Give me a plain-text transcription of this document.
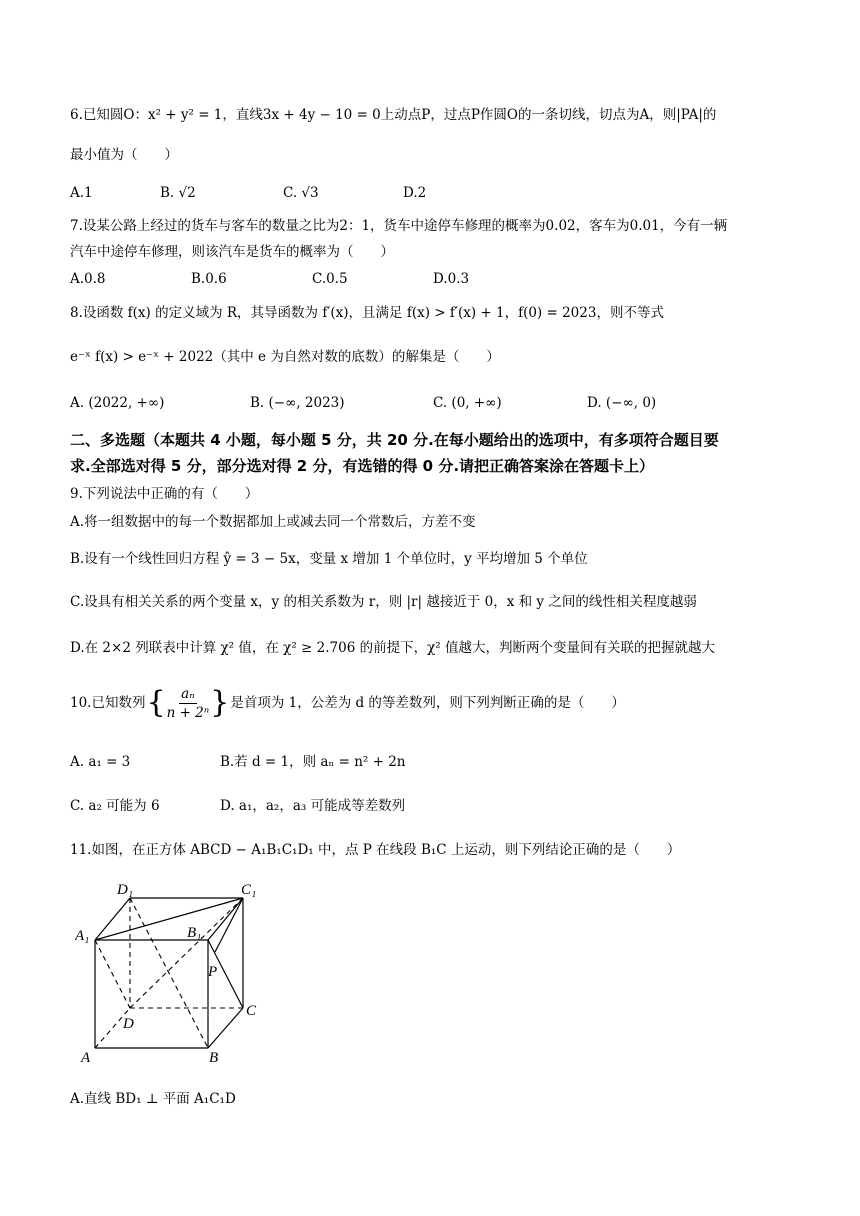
6.已知圆O：x² + y² = 1，直线3x + 4y − 10 = 0上动点P，过点P作圆O的一条切线，切点为A，则|PA|的
最小值为（　　）
A.1	B. √2	C. √3	D.2
7.设某公路上经过的货车与客车的数量之比为2：1，货车中途停车修理的概率为0.02，客车为0.01，今有一辆
汽车中途停车修理，则该汽车是货车的概率为（　　）
A.0.8	B.0.6	C.0.5	D.0.3
8.设函数 f(x) 的定义域为 R，其导函数为 f′(x)，且满足 f(x) > f′(x) + 1，f(0) = 2023，则不等式
e⁻ˣ f(x) > e⁻ˣ + 2022（其中 e 为自然对数的底数）的解集是（　　）
A. (2022, +∞)	B. (−∞, 2023)	C. (0, +∞)	D. (−∞, 0)
二、多选题（本题共 4 小题，每小题 5 分，共 20 分.在每小题给出的选项中，有多项符合题目要
求.全部选对得 5 分，部分选对得 2 分，有选错的得 0 分.请把正确答案涂在答题卡上）
9.下列说法中正确的有（　　）
A.将一组数据中的每一个数据都加上或减去同一个常数后，方差不变
B.设有一个线性回归方程 ŷ = 3 − 5x，变量 x 增加 1 个单位时，y 平均增加 5 个单位
C.设具有相关关系的两个变量 x，y 的相关系数为 r，则 |r| 越接近于 0，x 和 y 之间的线性相关程度越弱
D.在 2×2 列联表中计算 χ² 值，在 χ² ≥ 2.706 的前提下，χ² 值越大，判断两个变量间有关联的把握就越大
10.已知数列 { $\frac{\text{aₙ}}{\text{n + 2ⁿ}}$ } 是首项为 1，公差为 d 的等差数列，则下列判断正确的是（　　）
A. a₁ = 3	B.若 d = 1，则 aₙ = n² + 2n
C. a₂ 可能为 6	D. a₁，a₂，a₃ 可能成等差数列
11.如图，在正方体 ABCD − A₁B₁C₁D₁ 中，点 P 在线段 B₁C 上运动，则下列结论正确的是（　　）
D₁	C₁
A₁	B₁
P
C
D
A	B
A.直线 BD₁ ⊥ 平面 A₁C₁D
